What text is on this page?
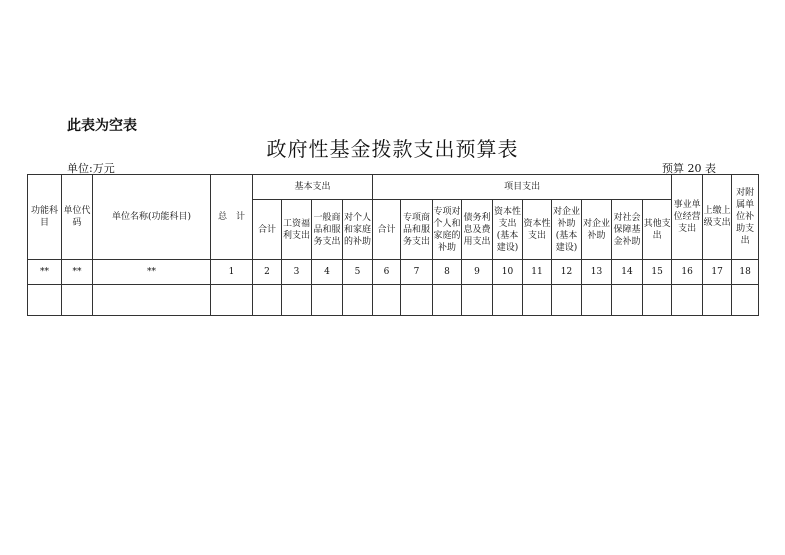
此表为空表
政府性基金拨款支出预算表
单位:万元	预算 20 表
功能科目	单位代码	单位名称(功能科目)	总　计	基本支出				项目支出										事业单位经营支出	上缴上级支出	对附属单位补助支出
				合计	工资福利支出	一般商品和服务支出	对个人和家庭的补助	合计	专项商品和服务支出	专项对个人和家庭的补助	债务利息及费用支出	资本性支出(基本建设)	资本性支出	对企业补助(基本建设)	对企业补助	对社会保障基金补助	其他支出			
**	**	**	1	2	3	4	5	6	7	8	9	10	11	12	13	14	15	16	17	18
